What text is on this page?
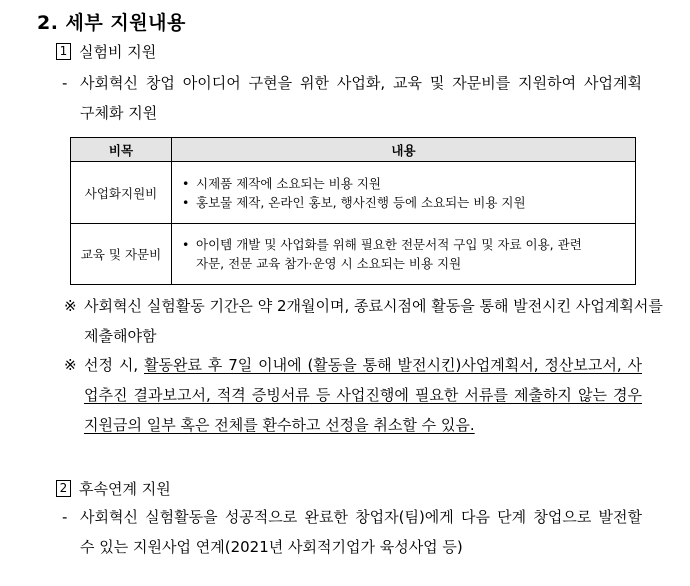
2. 세부 지원내용
1 실험비 지원
- 사회혁신 창업 아이디어 구현을 위한 사업화, 교육 및 자문비를 지원하여 사업계획
구체화 지원
비목	내용
사업화지원비	• 시제품 제작에 소요되는 비용 지원
• 홍보물 제작, 온라인 홍보, 행사진행 등에 소요되는 비용 지원

교육 및 자문비	• 아이템 개발 및 사업화를 위해 필요한 전문서적 구입 및 자료 이용, 관련
자문, 전문 교육 참가·운영 시 소요되는 비용 지원
※ 사회혁신 실험활동 기간은 약 2개월이며, 종료시점에 활동을 통해 발전시킨 사업계획서를
제출해야함
※ 선정 시, 활동완료 후 7일 이내에 (활동을 통해 발전시킨)사업계획서, 정산보고서, 사
업추진 결과보고서, 적격 증빙서류 등 사업진행에 필요한 서류를 제출하지 않는 경우
지원금의 일부 혹은 전체를 환수하고 선정을 취소할 수 있음.
2 후속연계 지원
- 사회혁신 실험활동을 성공적으로 완료한 창업자(팀)에게 다음 단계 창업으로 발전할
수 있는 지원사업 연계(2021년 사회적기업가 육성사업 등)
